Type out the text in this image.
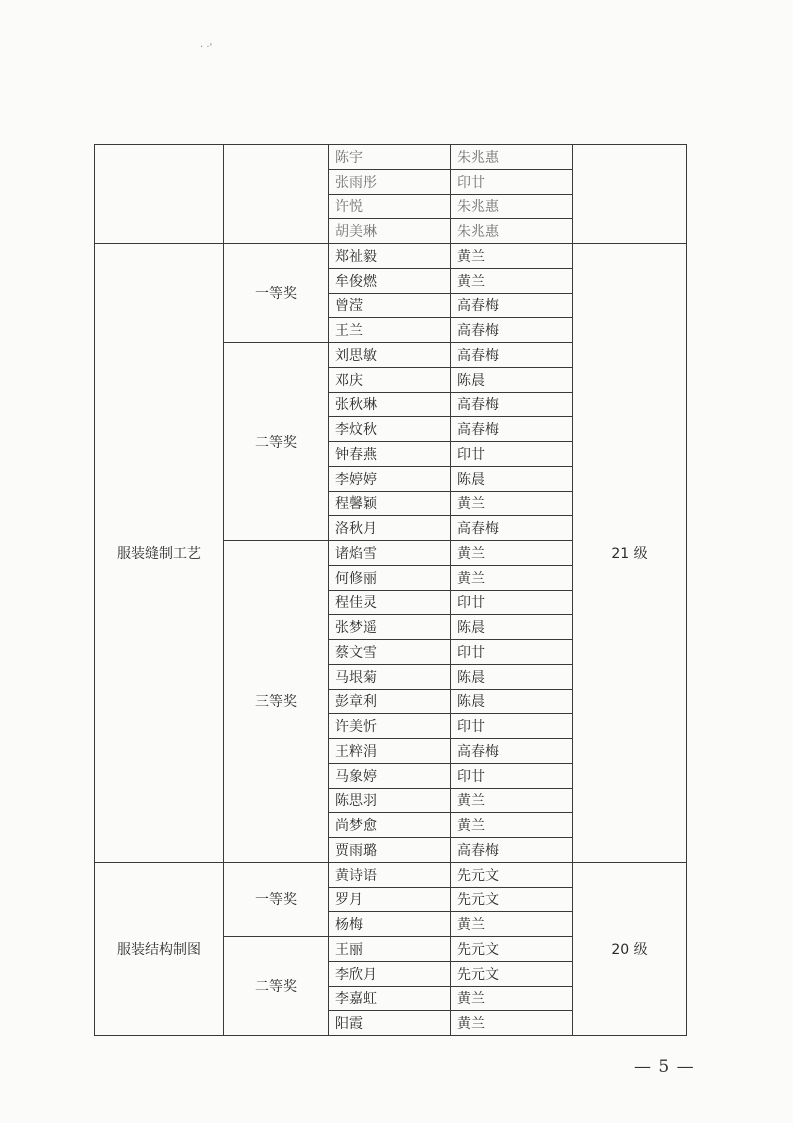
· ·'
		陈宇	朱兆惠	
		张雨彤	印廿	
		许悦	朱兆惠	
		胡美琳	朱兆惠	
服装缝制工艺	一等奖	郑祉毅	黄兰	21 级
		牟俊燃	黄兰	
		曾滢	高春梅	
		王兰	高春梅	
	二等奖	刘思敏	高春梅	
		邓庆	陈晨	
		张秋琳	高春梅	
		李炆秋	高春梅	
		钟春燕	印廿	
		李婷婷	陈晨	
		程馨颖	黄兰	
		洛秋月	高春梅	
	三等奖	诸焰雪	黄兰	
		何修丽	黄兰	
		程佳灵	印廿	
		张梦遥	陈晨	
		蔡文雪	印廿	
		马垠菊	陈晨	
		彭章利	陈晨	
		许美忻	印廿	
		王粹涓	高春梅	
		马象婷	印廿	
		陈思羽	黄兰	
		尚梦愈	黄兰	
		贾雨璐	高春梅	
服装结构制图	一等奖	黄诗语	先元文	20 级
		罗月	先元文	
		杨梅	黄兰	
	二等奖	王丽	先元文	
		李欣月	先元文	
		李嘉虹	黄兰	
		阳霞	黄兰	
— 5 —
